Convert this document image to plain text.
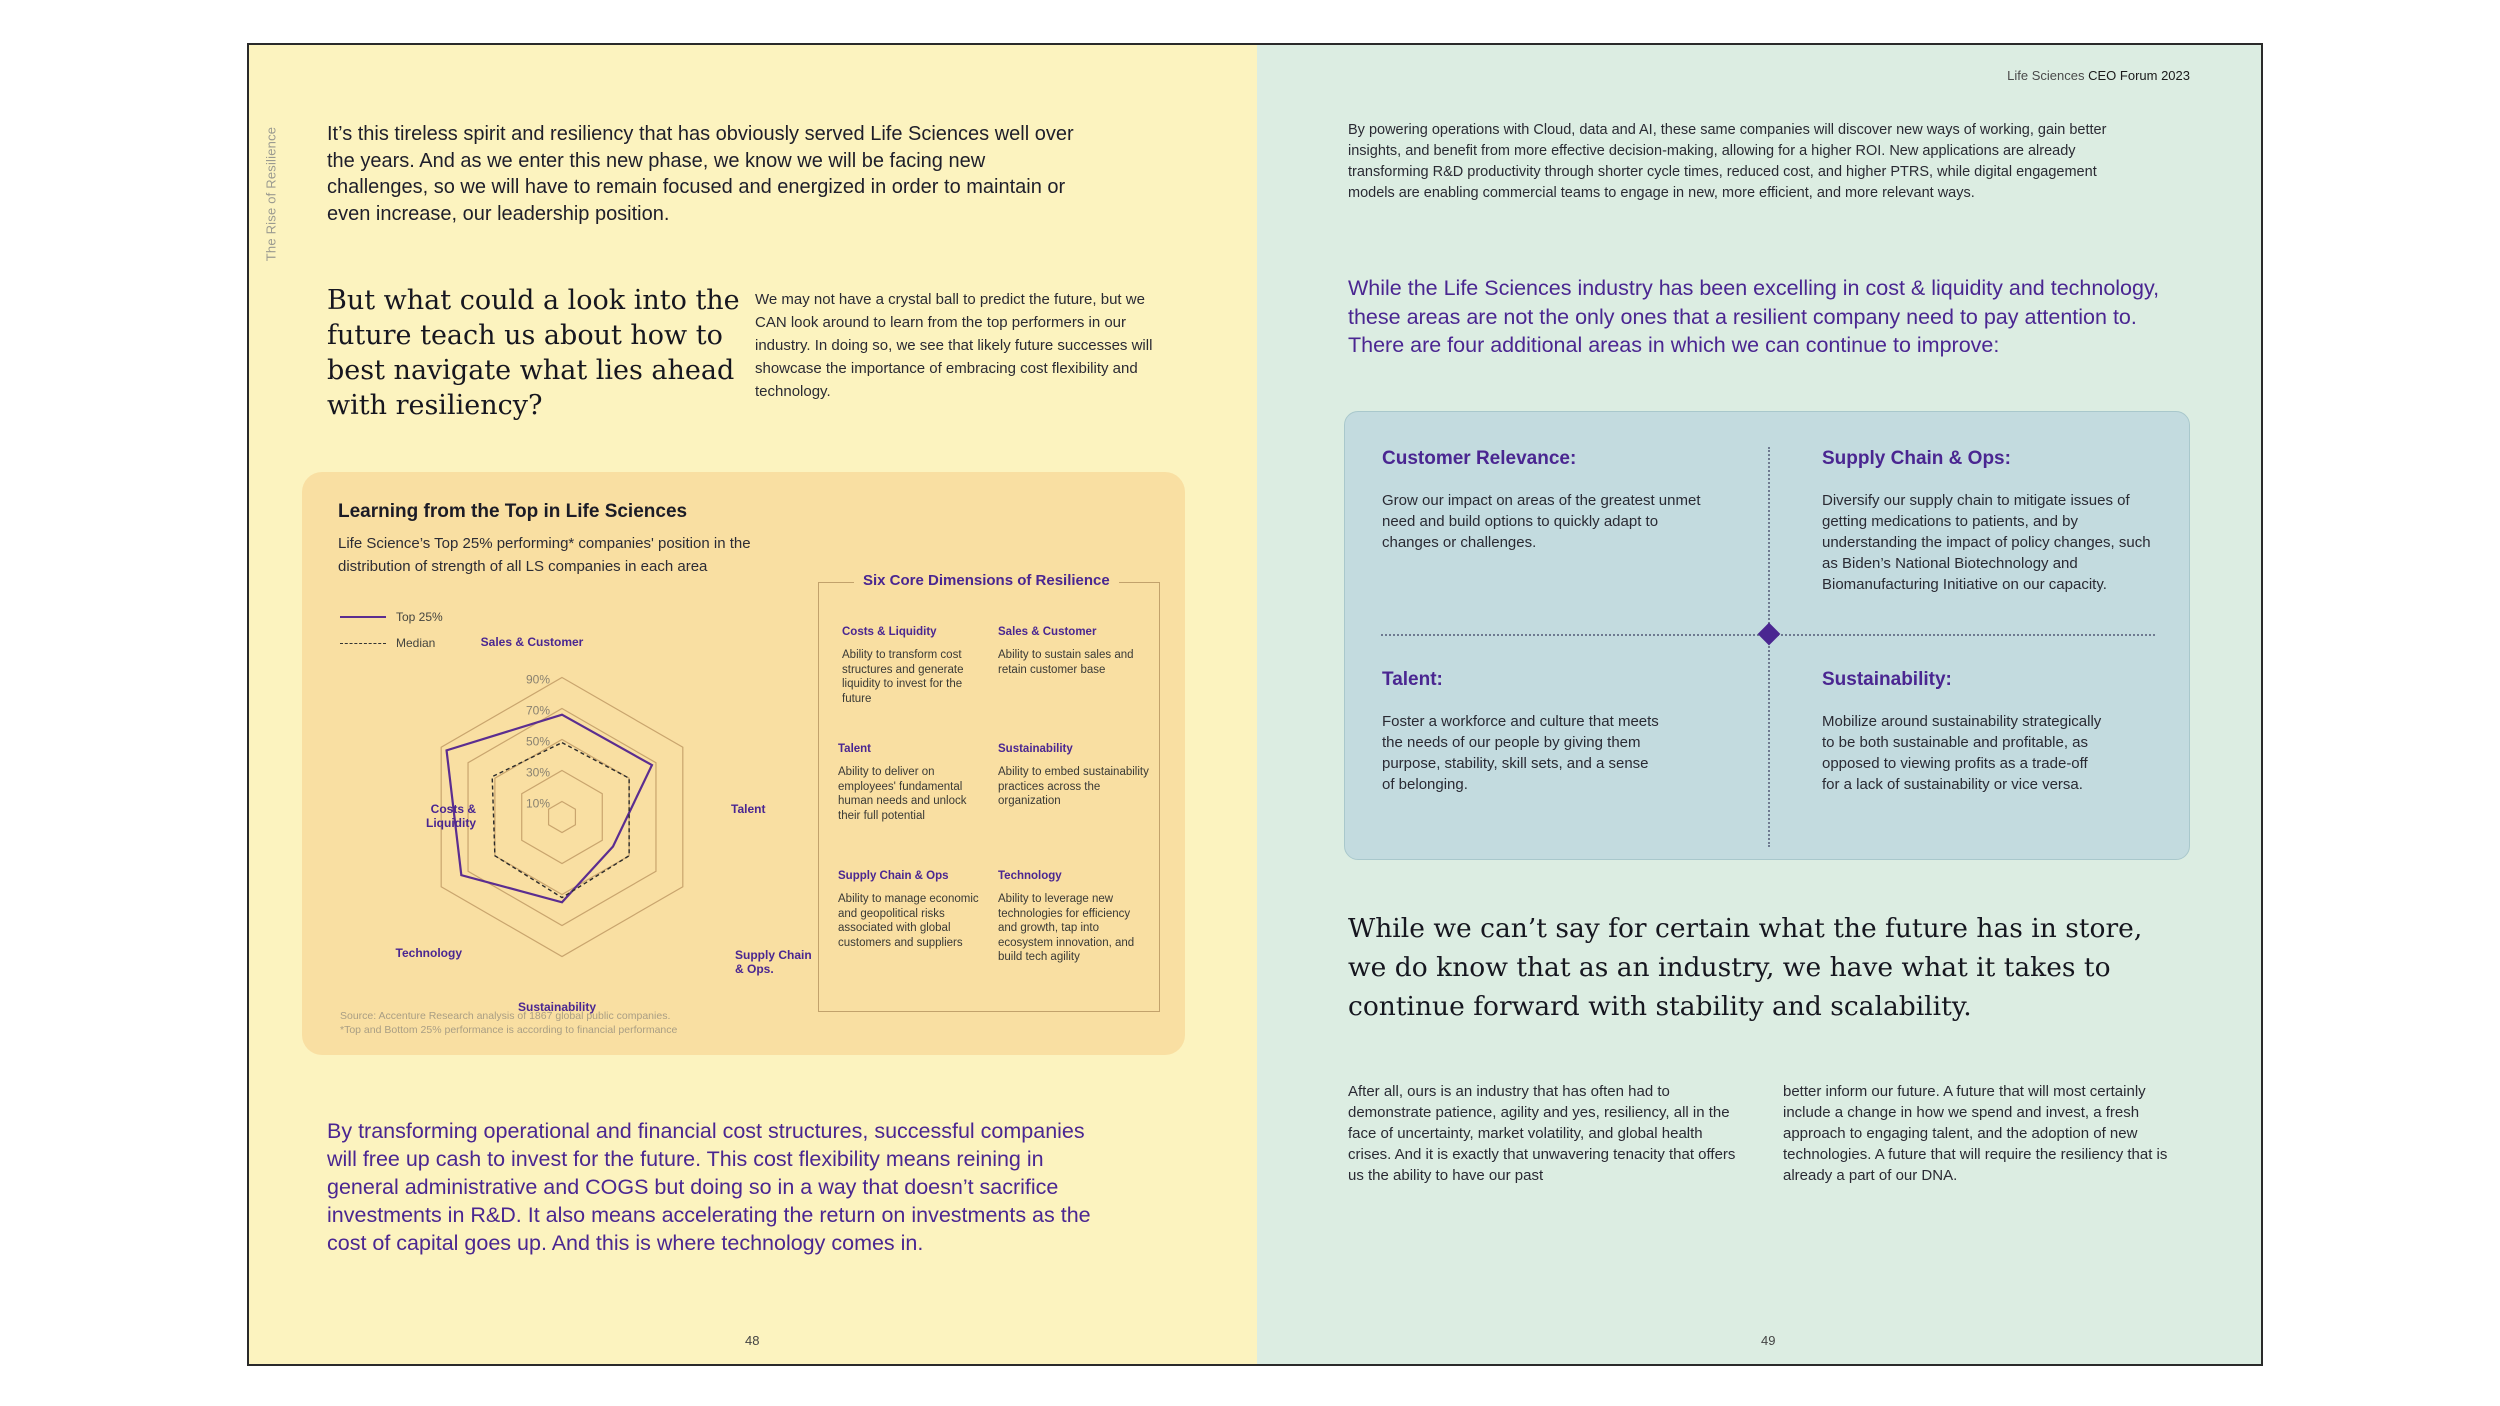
The Rise of Resilience It’s this tireless spirit and resiliency that has obviously served Life Sciences well over the years. And as we enter this new phase, we know we will be facing new challenges, so we will have to remain focused and energized in order to maintain or even increase, our leadership position.

But what could a look into the future teach us about how to best navigate what lies ahead with resiliency?

We may not have a crystal ball to predict the future, but we CAN look around to learn from the top performers in our industry. In doing so, we see that likely future successes will showcase the importance of embracing cost flexibility and technology.

Learning from the Top in Life Sciences
Life Science’s Top 25% performing* companies' position in the distribution of strength of all LS companies in each area
Top 25%
Median
10%
30%
50%
70%
90%
Sales & Customer
Talent
Supply Chain & Ops.
Sustainability
Technology
Costs & Liquidity
Six Core Dimensions of Resilience
Costs & Liquidity
Ability to transform cost structures and generate liquidity to invest for the future
Sales & Customer
Ability to sustain sales and retain customer base
Talent
Ability to deliver on employees' fundamental human needs and unlock their full potential
Sustainability
Ability to embed sustainability practices across the organization
Supply Chain & Ops
Ability to manage economic and geopolitical risks associated with global customers and suppliers
Technology
Ability to leverage new technologies for efficiency and growth, tap into ecosystem innovation, and build tech agility
Source: Accenture Research analysis of 1867 global public companies.
*Top and Bottom 25% performance is according to financial performance

By transforming operational and financial cost structures, successful companies will free up cash to invest for the future. This cost flexibility means reining in general administrative and COGS but doing so in a way that doesn’t sacrifice investments in R&D. It also means accelerating the return on investments as the cost of capital goes up. And this is where technology comes in.

48
Life Sciences CEO Forum 2023

By powering operations with Cloud, data and AI, these same companies will discover new ways of working, gain better insights, and benefit from more effective decision-making, allowing for a higher ROI. New applications are already transforming R&D productivity through shorter cycle times, reduced cost, and higher PTRS, while digital engagement models are enabling commercial teams to engage in new, more efficient, and more relevant ways.

While the Life Sciences industry has been excelling in cost & liquidity and technology, these areas are not the only ones that a resilient company need to pay attention to. There are four additional areas in which we can continue to improve:

Customer Relevance:
Grow our impact on areas of the greatest unmet need and build options to quickly adapt to changes or challenges.
Supply Chain & Ops:
Diversify our supply chain to mitigate issues of getting medications to patients, and by understanding the impact of policy changes, such as Biden’s National Biotechnology and Biomanufacturing Initiative on our capacity.
Talent:
Foster a workforce and culture that meets the needs of our people by giving them purpose, stability, skill sets, and a sense of belonging.
Sustainability:
Mobilize around sustainability strategically to be both sustainable and profitable, as opposed to viewing profits as a trade-off for a lack of sustainability or vice versa.

While we can’t say for certain what the future has in store, we do know that as an industry, we have what it takes to continue forward with stability and scalability.

After all, ours is an industry that has often had to demonstrate patience, agility and yes, resiliency, all in the face of uncertainty, market volatility, and global health crises. And it is exactly that unwavering tenacity that offers us the ability to have our past

better inform our future. A future that will most certainly include a change in how we spend and invest, a fresh approach to engaging talent, and the adoption of new technologies. A future that will require the resiliency that is already a part of our DNA.

49
